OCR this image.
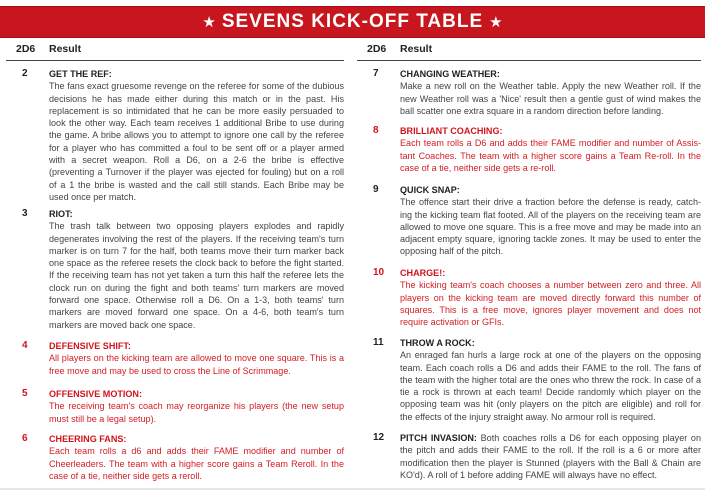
★ SEVENS KICK-OFF TABLE ★
2D6	Result
2	GET THE REF:
The fans exact gruesome revenge on the referee for some of the dubious decisions he has made either during this match or in the past. His replacement is so intimidated that he can be more easily persuaded to look the other way. Each team receives 1 additional Bribe to use during the game. A bribe allows you to attempt to ignore one call by the referee for a player who has committed a foul to be sent off or a player armed with a secret weapon. Roll a D6, on a 2-6 the bribe is effective (preventing a Turnover if the player was ejected for fouling) but on a roll of a 1 the bribe is wasted and the call still stands. Each Bribe may be used once per match.
3	RIOT:
The trash talk between two opposing players explodes and rapidly degenerates involving the rest of the players. If the receiving team's turn marker is on turn 7 for the half, both teams move their turn marker back one space as the referee resets the clock back to before the fight started. If the receiving team has not yet taken a turn this half the referee lets the clock run on during the fight and both teams' turn markers are moved forward one space. Otherwise roll a D6. On a 1-3, both teams' turn markers are moved forward one space. On a 4-6, both team's turn markers are moved back one space.
4	DEFENSIVE SHIFT:
All players on the kicking team are allowed to move one square. This is a free move and may be used to cross the Line of Scrimmage.
5	OFFENSIVE MOTION:
The receiving team's coach may reorganize his players (the new setup must still be a legal setup).
6	CHEERING FANS:
Each team rolls a d6 and adds their FAME modifier and number of Cheerleaders. The team with a higher score gains a Team Reroll. In the case of a tie, neither side gets a reroll.
2D6	Result
7	CHANGING WEATHER:
Make a new roll on the Weather table. Apply the new Weather roll. If the new Weather roll was a 'Nice' result then a gentle gust of wind makes the ball scatter one extra square in a random direction before landing.
8	BRILLIANT COACHING:
Each team rolls a D6 and adds their FAME modifier and number of Assis-tant Coaches. The team with a higher score gains a Team Re-roll. In the case of a tie, neither side gets a re-roll.
9	QUICK SNAP:
The offence start their drive a fraction before the defense is ready, catch-ing the kicking team flat footed. All of the players on the receiving team are allowed to move one square. This is a free move and may be made into an adjacent empty square, ignoring tackle zones. It may be used to enter the opposing half of the pitch.
10	CHARGE!:
The kicking team's coach chooses a number between zero and three. All players on the kicking team are moved directly forward this number of squares. This is a free move, ignores player movement and does not require activation or GFIs.
11	THROW A ROCK:
An enraged fan hurls a large rock at one of the players on the opposing team. Each coach rolls a D6 and adds their FAME to the roll. The fans of the team with the higher total are the ones who threw the rock. In case of a tie a rock is thrown at each team! Decide randomly which player on the opposing team was hit (only players on the pitch are eligible) and roll for the effects of the injury straight away. No armour roll is required.
12	PITCH INVASION: Both coaches rolls a D6 for each opposing player on the pitch and adds their FAME to the roll. If the roll is a 6 or more after modification then the player is Stunned (players with the Ball & Chain are KO'd). A roll of 1 before adding FAME will always have no effect.
